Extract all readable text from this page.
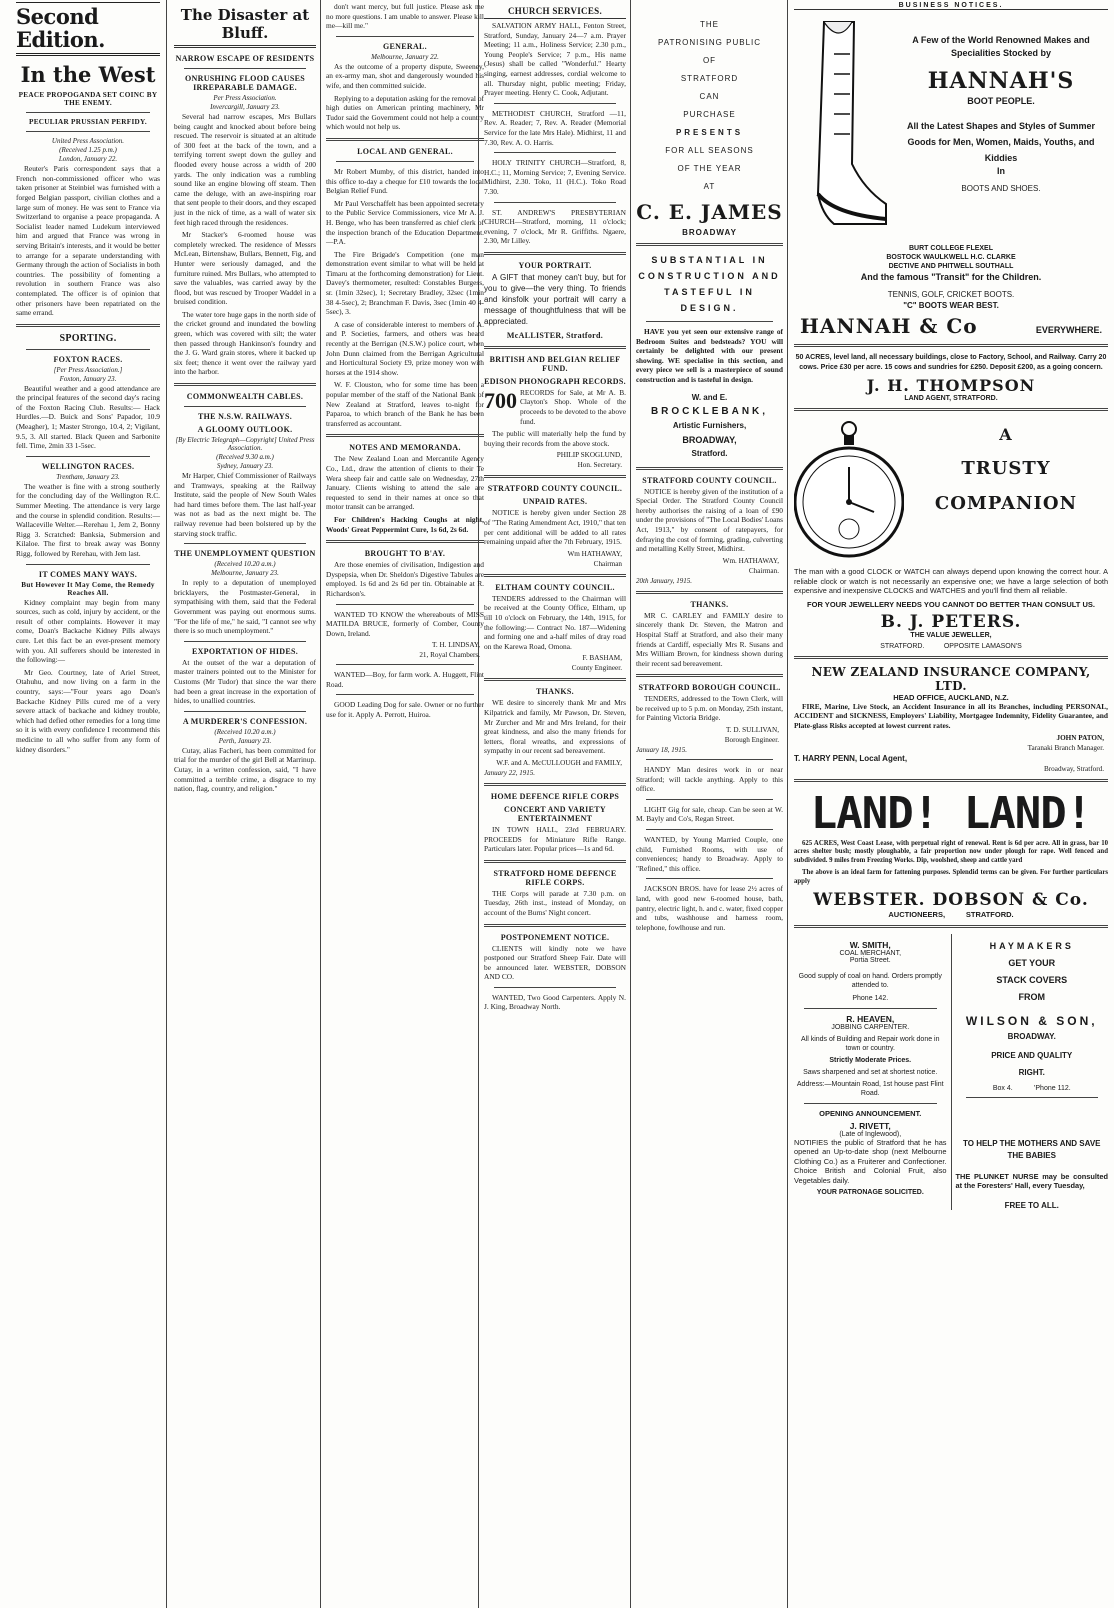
Second Edition.
In the West
PEACE PROPOGANDA SET COINC BY THE ENEMY.
PECULIAR PRUSSIAN PERFIDY.
United Press Association.
(Received 1.25 p.m.)
London, January 22.

Reuter's Paris correspondent says that a French non-commissioned officer who was taken prisoner at Steinbiel was furnished with a forged Belgian passport, civilian clothes and a large sum of money. He was sent to France via Switzerland to organise a peace propaganda. A Socialist leader named Ludekum interviewed him and argued that France was wrong in serving Britain's interests, and it would be better to arrange for a separate understanding with Germany through the action of Socialists in both countries. The possibility of fomenting a revolution in southern France was also contemplated. The officer is of opinion that other prisoners have been repatriated on the same errand.

SPORTING.
FOXTON RACES.
[Per Press Association.]
Foxton, January 23.

Beautiful weather and a good attendance are the principal features of the second day's racing of the Foxton Racing Club. Results:— Hack Hurdles.—D. Buick and Sons' Papador, 10.9 (Meagher), 1; Master Strongo, 10.4, 2; Vigilant, 9.5, 3. All started. Black Queen and Sarbonite fell. Time, 2min 33 1-5sec.

WELLINGTON RACES.
Trentham, January 23.

The weather is fine with a strong southerly for the concluding day of the Wellington R.C. Summer Meeting. The attendance is very large and the course in splendid condition. Results:— Wallaceville Welter.—Rerehau 1, Jem 2, Bonny Rigg 3. Scratched: Banksia, Submersion and Kilaloe. The first to break away was Bonny Rigg, followed by Rerehau, with Jem last.

IT COMES MANY WAYS.
But However It May Come, the Remedy Reaches All.

Kidney complaint may begin from many sources, such as cold, injury by accident, or the result of other complaints. However it may come, Doan's Backache Kidney Pills always cure. Let this fact be an ever-present memory with you. All sufferers should be interested in the following:—

Mr Geo. Courtney, late of Ariel Street, Otahuhu, and now living on a farm in the country, says:—"Four years ago Doan's Backache Kidney Pills cured me of a very severe attack of backache and kidney trouble, which had defied other remedies for a long time so it is with every confidence I recommend this medicine to all who suffer from any form of kidney disorders."

The Disaster at Bluff.
NARROW ESCAPE OF RESIDENTS
ONRUSHING FLOOD CAUSES IRREPARABLE DAMAGE.
Per Press Association.
Invercargill, January 23.

Several had narrow escapes, Mrs Bullars being caught and knocked about before being rescued. The reservoir is situated at an altitude of 300 feet at the back of the town, and a terrifying torrent swept down the gulley and flooded every house across a width of 200 yards. The only indication was a rumbling sound like an engine blowing off steam. Then came the deluge, with an awe-inspiring roar that sent people to their doors, and they escaped just in the nick of time, as a wall of water six feet high raced through the residences.

Mr Stacker's 6-roomed house was completely wrecked. The residence of Messrs McLean, Birtenshaw, Bullars, Bennett, Fig, and Hunter were seriously damaged, and the furniture ruined. Mrs Bullars, who attempted to save the valuables, was carried away by the flood, but was rescued by Trooper Waddel in a bruised condition.

The water tore huge gaps in the north side of the cricket ground and inundated the bowling green, which was covered with silt; the water then passed through Hankinson's foundry and the J. G. Ward grain stores, where it backed up six feet; thence it went over the railway yard into the harbor.

COMMONWEALTH CABLES.
THE N.S.W. RAILWAYS.
A GLOOMY OUTLOOK.
[By Electric Telegraph—Copyright] United Press Association.
(Received 9.30 a.m.)
Sydney, January 23.

Mr Harper, Chief Commissioner of Railways and Tramways, speaking at the Railway Institute, said the people of New South Wales had hard times before them. The last half-year was not as bad as the next might be. The railway revenue had been bolstered up by the starving stock traffic.

THE UNEMPLOYMENT QUESTION
(Received 10.20 a.m.)
Melbourne, January 23.

In reply to a deputation of unemployed bricklayers, the Postmaster-General, in sympathising with them, said that the Federal Government was paying out enormous sums. "For the life of me," he said, "I cannot see why there is so much unemployment."

EXPORTATION OF HIDES.

At the outset of the war a deputation of master trainers pointed out to the Minister for Customs (Mr Tudor) that since the war there had been a great increase in the exportation of hides, to unallied countries.

A MURDERER'S CONFESSION.
(Received 10.20 a.m.)
Perth, January 23.

Cutay, alias Facheri, has been committed for trial for the murder of the girl Bell at Marrinup. Cutay, in a written confession, said, "I have committed a terrible crime, a disgrace to my nation, flag, country, and religion."

don't want mercy, but full justice. Please ask me no more questions. I am unable to answer. Please kill me—kill me."

GENERAL.
Melbourne, January 22.

As the outcome of a property dispute, Sweeney, an ex-army man, shot and dangerously wounded his wife, and then committed suicide.

Replying to a deputation asking for the removal of high duties on American printing machinery, Mr Tudor said the Government could not help a country which would not help us.

LOCAL AND GENERAL.

Mr Robert Mumby, of this district, handed into this office to-day a cheque for £10 towards the local Belgian Relief Fund.

Mr Paul Verschaffelt has been appointed secretary to the Public Service Commissioners, vice Mr A. J. H. Benge, who has been transferred as chief clerk of the inspection branch of the Education Department.—P.A.

The Fire Brigade's Competition (one man demonstration event similar to what will be held at Timaru at the forthcoming demonstration) for Lieut. Davey's thermometer, resulted: Constables Burgess, sr. (1min 32sec), 1; Secretary Bradley, 32sec (1min 38 4-5sec), 2; Branchman F. Davis, 3sec (1min 40 4-5sec), 3.

A case of considerable interest to members of A. and P. Societies, farmers, and others was heard recently at the Berrigan (N.S.W.) police court, when John Dunn claimed from the Berrigan Agricultural and Horticultural Society £9, prize money won with horses at the 1914 show.

W. F. Clouston, who for some time has been a popular member of the staff of the National Bank of New Zealand at Stratford, leaves to-night for Paparoa, to which branch of the Bank he has been transferred as accountant.

NOTES AND MEMORANDA.

The New Zealand Loan and Mercantile Agency Co., Ltd., draw the attention of clients to their Te Wera sheep fair and cattle sale on Wednesday, 27th January. Clients wishing to attend the sale are requested to send in their names at once so that motor transit can be arranged.

For Children's Hacking Coughs at night, Woods' Great Peppermint Cure, 1s 6d, 2s 6d.

BROUGHT TO B'AY.

Are those enemies of civilisation, Indigestion and Dyspepsia, when Dr. Sheldon's Digestive Tabules are employed. 1s 6d and 2s 6d per tin. Obtainable at R. Richardson's.

WANTED TO KNOW the whereabouts of MISS MATILDA BRUCE, formerly of Comber, County Down, Ireland.

T. H. LINDSAY,
21, Royal Chambers.

WANTED—Boy, for farm work. A. Huggett, Flint Road.

GOOD Leading Dog for sale. Owner or no further use for it. Apply A. Perrott, Huiroa.

CHURCH SERVICES.

SALVATION ARMY HALL, Fenton Street, Stratford, Sunday, January 24—7 a.m. Prayer Meeting; 11 a.m., Holiness Service; 2.30 p.m., Young People's Service; 7 p.m., His name (Jesus) shall be called "Wonderful." Hearty singing, earnest addresses, cordial welcome to all. Thursday night, public meeting; Friday, Prayer meeting. Henry C. Cook, Adjutant.

METHODIST CHURCH, Stratford —11, Rev. A. Reader; 7, Rev. A. Reader (Memorial Service for the late Mrs Hale). Midhirst, 11 and 7.30, Rev. A. O. Harris.

HOLY TRINITY CHURCH—Stratford, 8, H.C.; 11, Morning Service; 7, Evening Service. Midhirst, 2.30. Toko, 11 (H.C.). Toko Road 7.30.

ST. ANDREW'S PRESBYTERIAN CHURCH—Stratford, morning, 11 o'clock; evening, 7 o'clock, Mr R. Griffiths. Ngaere, 2.30, Mr Lilley.

YOUR PORTRAIT.

A GIFT that money can't buy, but for you to give—the very thing. To friends and kinsfolk your portrait will carry a message of thoughtfulness that will be appreciated.

McALLISTER, Stratford.
BRITISH AND BELGIAN RELIEF FUND.
EDISON PHONOGRAPH RECORDS.
700 RECORDS for Sale, at Mr A. B. Clayton's Shop. Whole of the proceeds to be devoted to the above fund.

The public will materially help the fund by buying their records from the above stock.

PHILIP SKOGLUND,
Hon. Secretary.
STRATFORD COUNTY COUNCIL.
UNPAID RATES.

NOTICE is hereby given under Section 28 of "The Rating Amendment Act, 1910," that ten per cent additional will be added to all rates remaining unpaid after the 7th February, 1915.

Wm HATHAWAY,
Chairman
ELTHAM COUNTY COUNCIL.

TENDERS addressed to the Chairman will be received at the County Office, Eltham, up till 10 o'clock on February, the 14th, 1915, for the following:— Contract No. 187—Widening and forming one and a-half miles of dray road on the Karewa Road, Omona.

F. BASHAM,
County Engineer.
THANKS.

WE desire to sincerely thank Mr and Mrs Kilpatrick and family, Mr Pawson, Dr. Steven, Mr Zurcher and Mr and Mrs Ireland, for their great kindness, and also the many friends for letters, floral wreaths, and expressions of sympathy in our recent sad bereavement.

W.F. and A. McCULLOUGH and FAMILY,
January 22, 1915.
HOME DEFENCE RIFLE CORPS
CONCERT AND VARIETY ENTERTAINMENT

IN TOWN HALL, 23rd FEBRUARY. PROCEEDS for Miniature Rifle Range. Particulars later. Popular prices—1s and 6d.

STRATFORD HOME DEFENCE RIFLE CORPS.

THE Corps will parade at 7.30 p.m. on Tuesday, 26th inst., instead of Monday, on account of the Burns' Night concert.

POSTPONEMENT NOTICE.

CLIENTS will kindly note we have postponed our Stratford Sheep Fair. Date will be announced later. WEBSTER, DOBSON AND CO.

WANTED, Two Good Carpenters. Apply N. J. King, Broadway North.

THE
PATRONISING PUBLIC
OF
STRATFORD
CAN
PURCHASE
PRESENTS
FOR ALL SEASONS
OF THE YEAR
AT
C. E. JAMES
BROADWAY
SUBSTANTIAL IN CONSTRUCTION AND TASTEFUL IN DESIGN.

HAVE you yet seen our extensive range of Bedroom Suites and bedsteads? YOU will certainly be delighted with our present showing. WE specialise in this section, and every piece we sell is a masterpiece of sound construction and is tasteful in design.

W. and E.
BROCKLEBANK,
Artistic Furnishers,
BROADWAY,
Stratford.
STRATFORD COUNTY COUNCIL.

NOTICE is hereby given of the institution of a Special Order. The Stratford County Council hereby authorises the raising of a loan of £90 under the provisions of "The Local Bodies' Loans Act, 1913," by consent of ratepayers, for defraying the cost of forming, grading, culverting and metalling Kelly Street, Midhirst.

Wm. HATHAWAY,
Chairman.
20th January, 1915.
THANKS.

MR C. CARLEY and FAMILY desire to sincerely thank Dr. Steven, the Matron and Hospital Staff at Stratford, and also their many friends at Cardiff, especially Mrs R. Susans and Mrs William Brown, for kindness shown during their recent sad bereavement.

STRATFORD BOROUGH COUNCIL.

TENDERS, addressed to the Town Clerk, will be received up to 5 p.m. on Monday, 25th instant, for Painting Victoria Bridge.

T. D. SULLIVAN,
Borough Engineer.
January 18, 1915.

HANDY Man desires work in or near Stratford; will tackle anything. Apply to this office.

LIGHT Gig for sale, cheap. Can be seen at W. M. Bayly and Co's, Regan Street.

WANTED, by Young Married Couple, one child, Furnished Rooms, with use of conveniences; handy to Broadway. Apply to "Refined," this office.

JACKSON BROS. have for lease 2½ acres of land, with good new 6-roomed house, bath, pantry, electric light, h. and c. water, fixed copper and tubs, washhouse and harness room, telephone, fowlhouse and run.

BUSINESS NOTICES.
A Few of the World Renowned Makes and Specialities Stocked by
HANNAH'S
BOOT PEOPLE.
All the Latest Shapes and Styles of Summer Goods for Men, Women, Maids, Youths, and Kiddies
In
BOOTS AND SHOES.
BURT COLLEGE FLEXEL
BOSTOCK WAULKWELL H.C. CLARKE
DECTIVE AND PHITWELL SOUTHALL
And the famous "Transit" for the Children.
TENNIS, GOLF, CRICKET BOOTS.
"C" BOOTS WEAR BEST.
HANNAH & Co	EVERYWHERE.
50 ACRES, level land, all necessary buildings, close to Factory, School, and Railway. Carry 20 cows. Price £30 per acre. 15 cows and sundries for £250. Deposit £200, as a going concern.
J. H. THOMPSON
LAND AGENT, STRATFORD.
A
TRUSTY
COMPANION

The man with a good CLOCK or WATCH can always depend upon knowing the correct hour. A reliable clock or watch is not necessarily an expensive one; we have a large selection of both expensive and inexpensive CLOCKS and WATCHES and you'll find them all reliable.

FOR YOUR JEWELLERY NEEDS YOU CANNOT DO BETTER THAN CONSULT US.
B. J. PETERS.
THE VALUE JEWELLER,
STRATFORD.          OPPOSITE LAMASON'S
NEW ZEALAND INSURANCE COMPANY, LTD.
HEAD OFFICE, AUCKLAND, N.Z.

FIRE, Marine, Live Stock, an Accident Insurance in all its Branches, including PERSONAL, ACCIDENT and SICKNESS, Employers' Liability, Mortgagee Indemnity, Fidelity Guarantee, and Plate-glass Risks accepted at lowest current rates.

JOHN PATON,
Taranaki Branch Manager.
T. HARRY PENN, Local Agent,
Broadway, Stratford.
LAND! LAND!

625 ACRES, West Coast Lease, with perpetual right of renewal. Rent is 6d per acre. All in grass, bar 10 acres shelter bush; mostly ploughable, a fair proportion now under plough for rape. Well fenced and subdivided. 9 miles from Freezing Works. Dip, woolshed, sheep and cattle yard

The above is an ideal farm for fattening purposes. Splendid terms can be given. For further particulars apply

WEBSTER. DOBSON & Co.
AUCTIONEERS,          STRATFORD.
W. SMITH,
COAL MERCHANT,
Portia Street.
Good supply of coal on hand. Orders promptly attended to.
Phone 142.
R. HEAVEN,
JOBBING CARPENTER.
All kinds of Building and Repair work done in town or country.
Strictly Moderate Prices.
Saws sharpened and set at shortest notice.
Address:—Mountain Road, 1st house past Flint Road.
OPENING ANNOUNCEMENT.
J. RIVETT,
(Late of Inglewood),

NOTIFIES the public of Stratford that he has opened an Up-to-date shop (next Melbourne Clothing Co.) as a Fruiterer and Confectioner. Choice British and Colonial Fruit, also Vegetables daily.

YOUR PATRONAGE SOLICITED.
HAYMAKERS
GET YOUR
STACK COVERS
FROM
WILSON & SON,
BROADWAY.
PRICE AND QUALITY
RIGHT.
Box 4.           'Phone 112.
TO HELP THE MOTHERS AND SAVE THE BABIES

THE PLUNKET NURSE may be consulted at the Foresters' Hall, every Tuesday,

FREE TO ALL.
